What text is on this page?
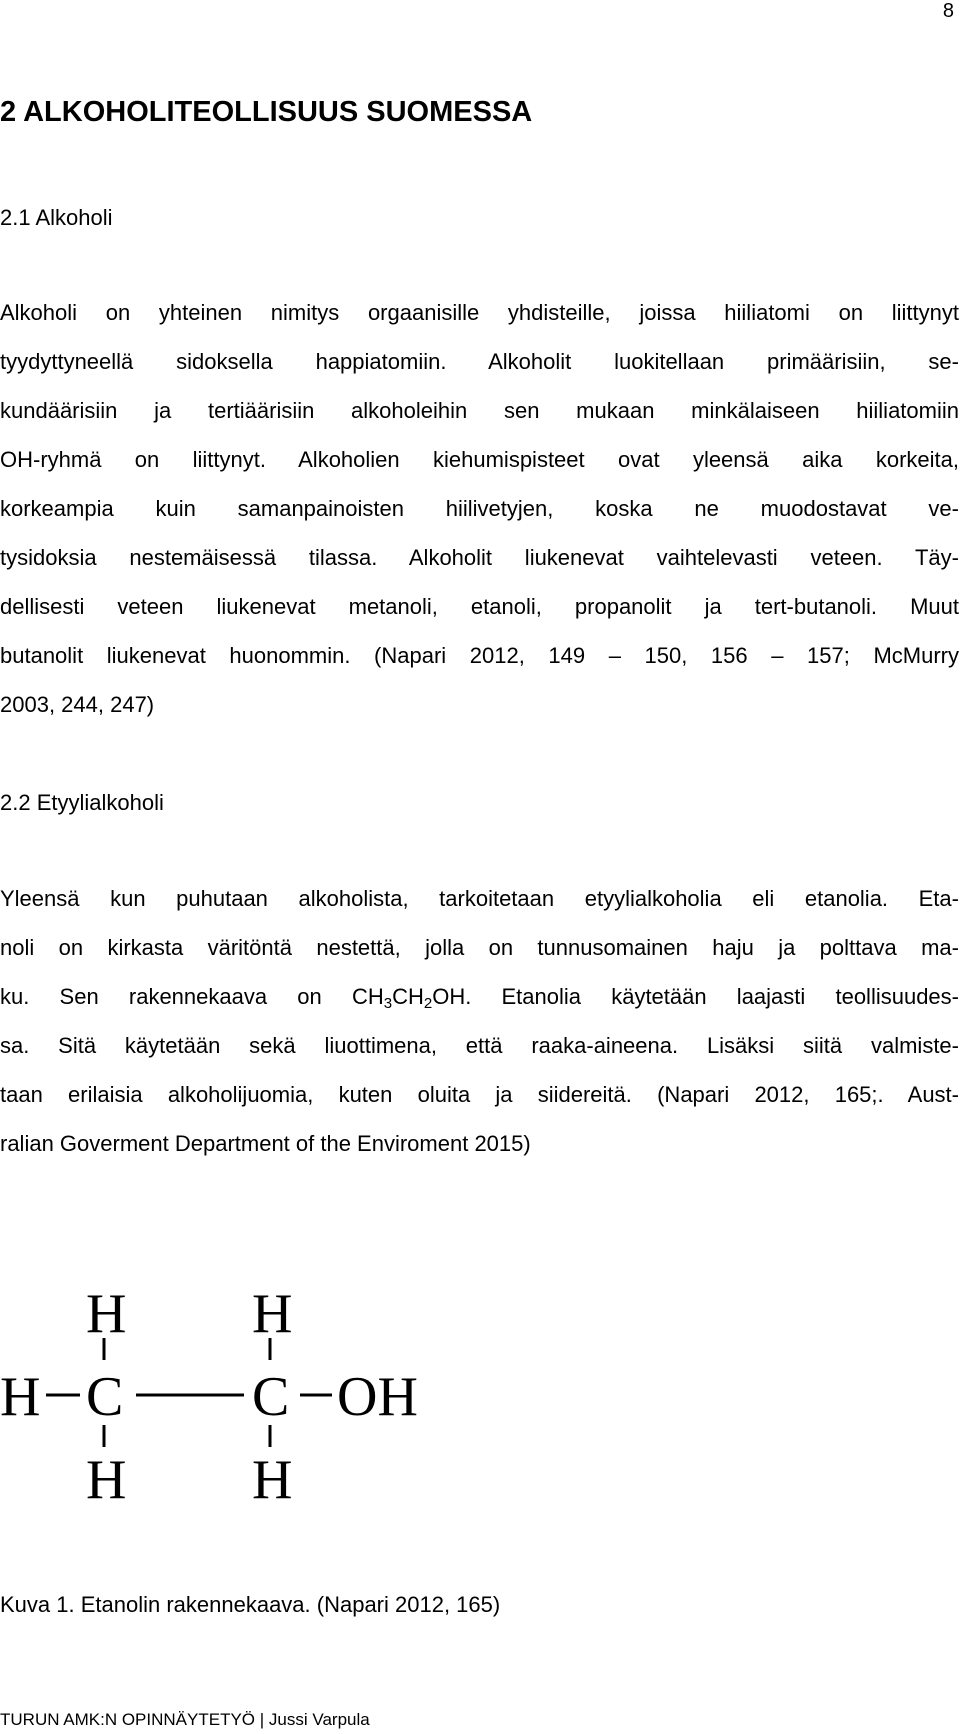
8
2 ALKOHOLITEOLLISUUS SUOMESSA
2.1 Alkoholi
Alkoholi on yhteinen nimitys orgaanisille yhdisteille, joissa hiiliatomi on liittynyt
tyydyttyneellä sidoksella happiatomiin. Alkoholit luokitellaan primäärisiin, se-
kundäärisiin ja tertiäärisiin alkoholeihin sen mukaan minkälaiseen hiiliatomiin
OH-ryhmä on liittynyt. Alkoholien kiehumispisteet ovat yleensä aika korkeita,
korkeampia kuin samanpainoisten hiilivetyjen, koska ne muodostavat ve-
tysidoksia nestemäisessä tilassa. Alkoholit liukenevat vaihtelevasti veteen. Täy-
dellisesti veteen liukenevat metanoli, etanoli, propanolit ja tert-butanoli. Muut
butanolit liukenevat huonommin. (Napari 2012, 149 – 150, 156 – 157; McMurry
2003, 244, 247)
2.2 Etyylialkoholi
Yleensä kun puhutaan alkoholista, tarkoitetaan etyylialkoholia eli etanolia. Eta-
noli on kirkasta väritöntä nestettä, jolla on tunnusomainen haju ja polttava ma-
ku. Sen rakennekaava on $CH_3CH_2OH$. Etanolia käytetään laajasti teollisuudes-
sa. Sitä käytetään sekä liuottimena, että raaka-aineena. Lisäksi siitä valmiste-
taan erilaisia alkoholijuomia, kuten oluita ja siidereitä. (Napari 2012, 165;. Aust-
ralian Goverment Department of the Enviroment 2015)
H H
H C C OH
H H
Kuva 1. Etanolin rakennekaava. (Napari 2012, 165)
TURUN AMK:N OPINNÄYTETYÖ | Jussi Varpula
